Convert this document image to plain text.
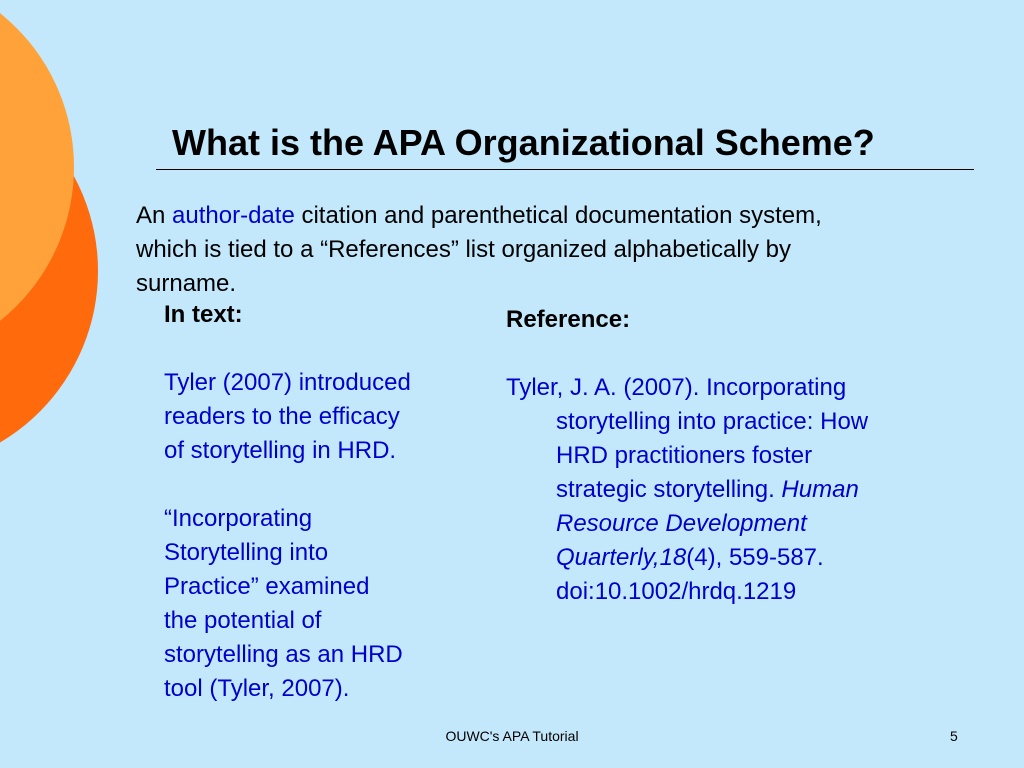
What is the APA Organizational Scheme?

An author-date citation and parenthetical documentation system,
which is tied to a “References” list organized alphabetically by
surname.

In text:

Tyler (2007) introduced
readers to the efficacy
of storytelling in HRD.

“Incorporating
Storytelling into
Practice” examined
the potential of
storytelling as an HRD
tool (Tyler, 2007).

Reference:

Tyler, J. A. (2007). Incorporating
storytelling into practice: How
HRD practitioners foster
strategic storytelling. Human
Resource Development
Quarterly,18(4), 559-587.
doi:10.1002/hrdq.1219

OUWC's APA Tutorial	5
